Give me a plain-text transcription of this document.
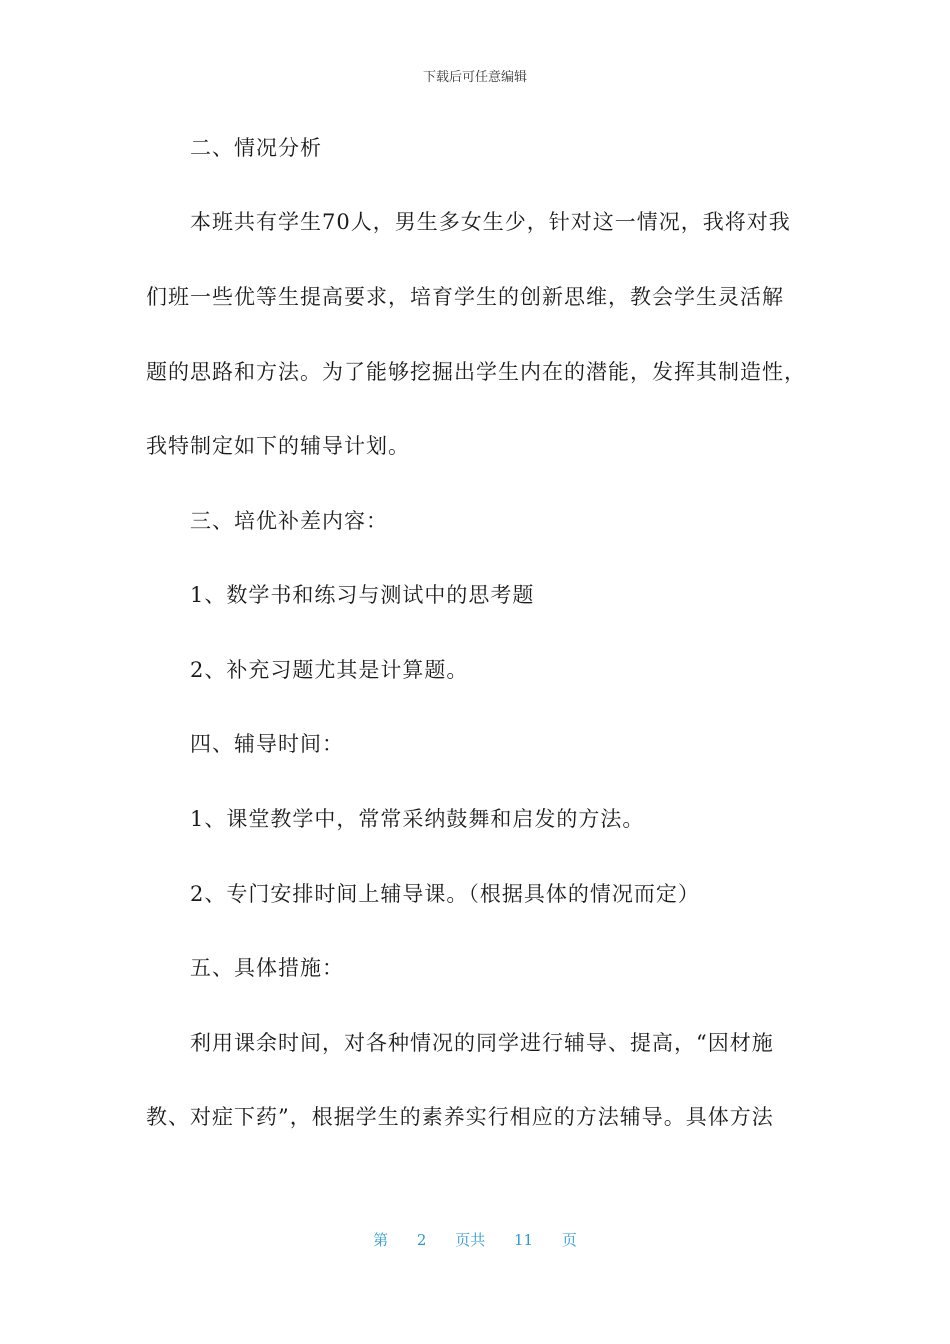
下载后可任意编辑
二、情况分析
本班共有学生70人，男生多女生少，针对这一情况，我将对我
们班一些优等生提高要求，培育学生的创新思维，教会学生灵活解
题的思路和方法。为了能够挖掘出学生内在的潜能，发挥其制造性，
我特制定如下的辅导计划。
三、培优补差内容：
1、数学书和练习与测试中的思考题
2、补充习题尤其是计算题。
四、辅导时间：
1、课堂教学中，常常采纳鼓舞和启发的方法。
2、专门安排时间上辅导课。（根据具体的情况而定）
五、具体措施：
利用课余时间，对各种情况的同学进行辅导、提高，“因材施
教、对症下药”，根据学生的素养实行相应的方法辅导。具体方法
第 2 页共 11 页
